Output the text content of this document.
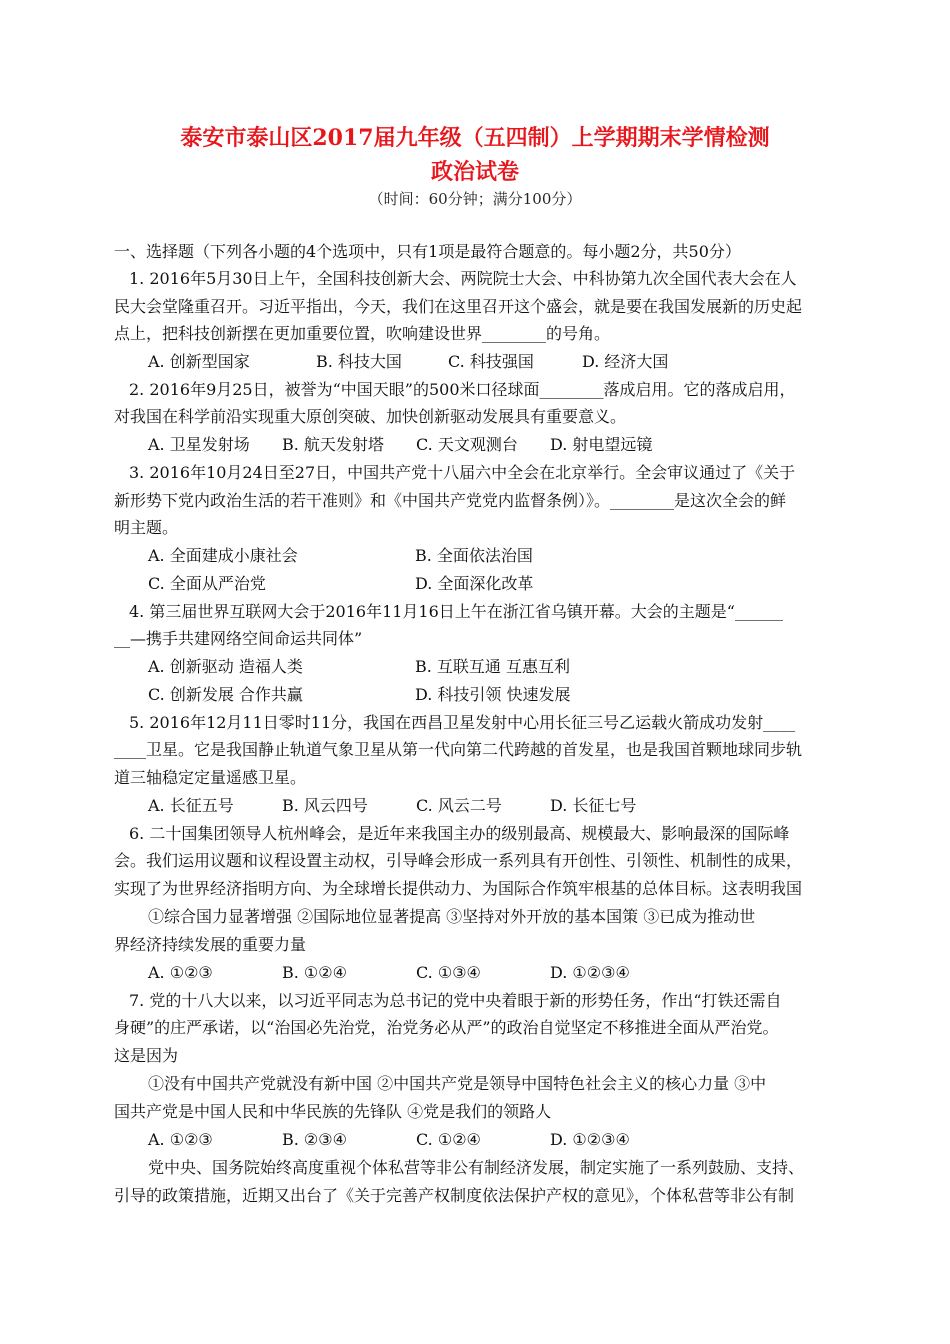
泰安市泰山区2017届九年级（五四制）上学期期末学情检测
政治试卷
（时间：60分钟；满分100分）
一、选择题（下列各小题的4个选项中，只有1项是最符合题意的。每小题2分，共50分）
1. 2016年5月30日上午，全国科技创新大会、两院院士大会、中科协第九次全国代表大会在人
民大会堂隆重召开。习近平指出，今天，我们在这里召开这个盛会，就是要在我国发展新的历史起
点上，把科技创新摆在更加重要位置，吹响建设世界________的号角。
A. 创新型国家	B. 科技大国	C. 科技强国	D. 经济大国
2. 2016年9月25日，被誉为“中国天眼”的500米口径球面________落成启用。它的落成启用，
对我国在科学前沿实现重大原创突破、加快创新驱动发展具有重要意义。
A. 卫星发射场 B. 航天发射塔 C. 天文观测台 D. 射电望远镜
3. 2016年10月24日至27日，中国共产党十八届六中全会在北京举行。全会审议通过了《关于
新形势下党内政治生活的若干准则》和《中国共产党党内监督条例）》。________是这次全会的鲜
明主题。
A. 全面建成小康社会	B. 全面依法治国
C. 全面从严治党	D. 全面深化改革
4. 第三届世界互联网大会于2016年11月16日上午在浙江省乌镇开幕。大会的主题是“______
__—携手共建网络空间命运共同体”
A. 创新驱动 造福人类	B. 互联互通 互惠互利
C. 创新发展 合作共赢	D. 科技引领 快速发展
5. 2016年12月11日零时11分，我国在西昌卫星发射中心用长征三号乙运载火箭成功发射____
____卫星。它是我国静止轨道气象卫星从第一代向第二代跨越的首发星，也是我国首颗地球同步轨
道三轴稳定定量遥感卫星。
A. 长征五号	B. 风云四号	C. 风云二号	D. 长征七号
6. 二十国集团领导人杭州峰会，是近年来我国主办的级别最高、规模最大、影响最深的国际峰
会。我们运用议题和议程设置主动权，引导峰会形成一系列具有开创性、引领性、机制性的成果，
实现了为世界经济指明方向、为全球增长提供动力、为国际合作筑牢根基的总体目标。这表明我国
①综合国力显著增强 ②国际地位显著提高 ③坚持对外开放的基本国策 ③已成为推动世
界经济持续发展的重要力量
A. ①②③	B. ①②④	C. ①③④	D. ①②③④
7. 党的十八大以来，以习近平同志为总书记的党中央着眼于新的形势任务，作出“打铁还需自
身硬”的庄严承诺，以“治国必先治党，治党务必从严”的政治自觉坚定不移推进全面从严治党。
这是因为
①没有中国共产党就没有新中国 ②中国共产党是领导中国特色社会主义的核心力量 ③中
国共产党是中国人民和中华民族的先锋队 ④党是我们的领路人
A. ①②③	B. ②③④	C. ①②④	D. ①②③④
党中央、国务院始终高度重视个体私营等非公有制经济发展，制定实施了一系列鼓励、支持、
引导的政策措施，近期又出台了《关于完善产权制度依法保护产权的意见》，个体私营等非公有制
